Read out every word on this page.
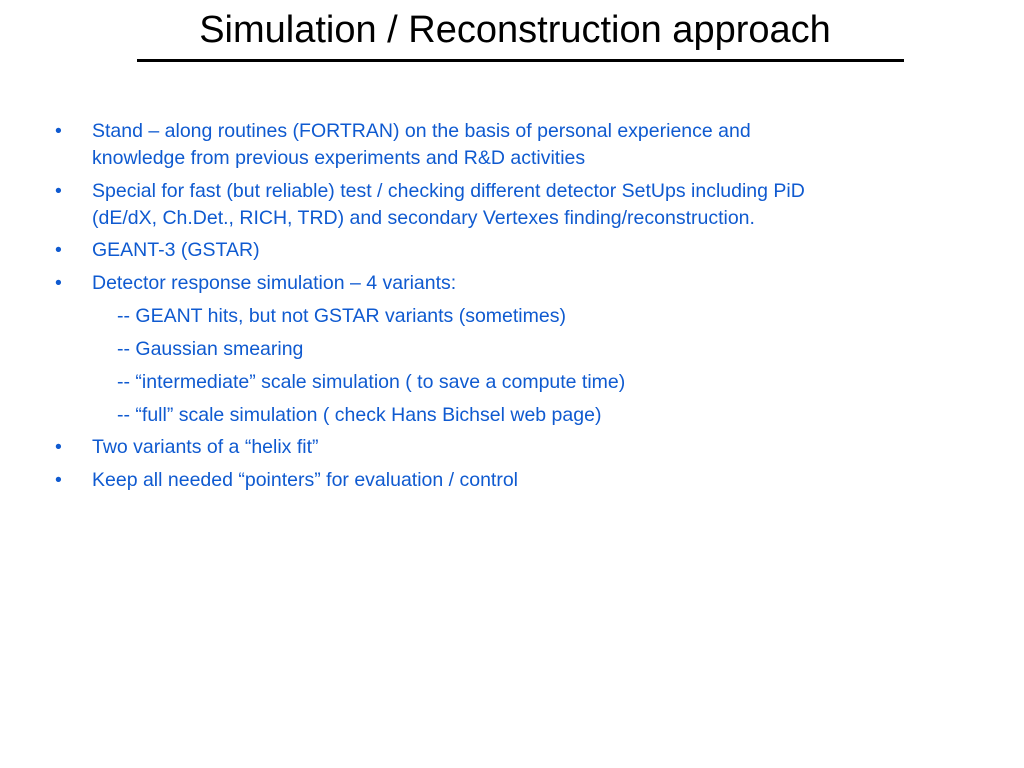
Simulation / Reconstruction approach
• Stand – along routines (FORTRAN) on the basis of personal experience and
knowledge from previous experiments and R&D activities
• Special for fast (but reliable) test / checking different detector SetUps including PiD
(dE/dX, Ch.Det., RICH, TRD) and secondary Vertexes finding/reconstruction.
• GEANT-3 (GSTAR)
• Detector response simulation – 4 variants:
-- GEANT hits, but not GSTAR variants (sometimes)
-- Gaussian smearing
-- “intermediate” scale simulation ( to save a compute time)
-- “full” scale simulation ( check Hans Bichsel web page)
• Two variants of a “helix fit”
• Keep all needed “pointers” for evaluation / control
